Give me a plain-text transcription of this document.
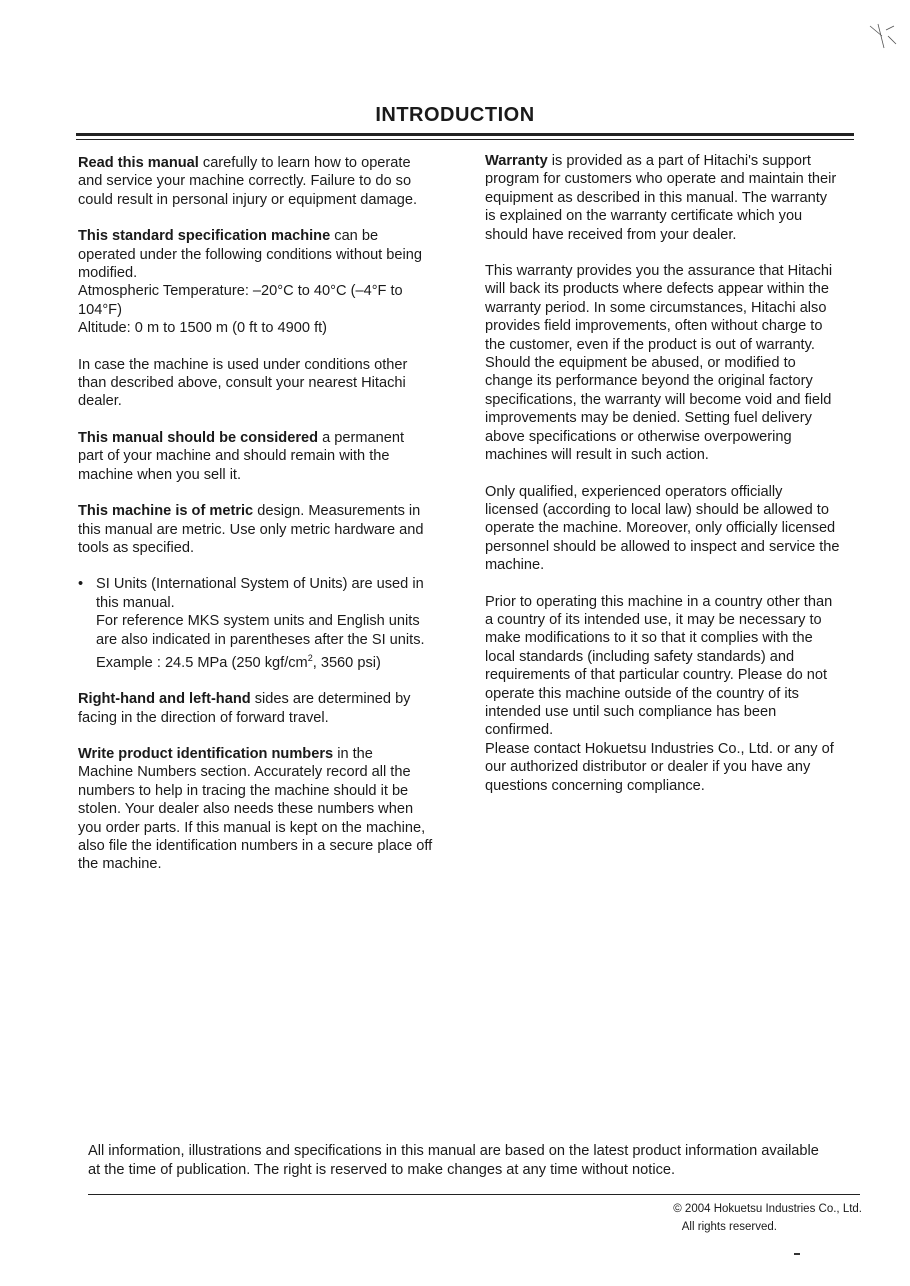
INTRODUCTION
Read this manual carefully to learn how to operate
and service your machine correctly. Failure to do so
could result in personal injury or equipment damage.
This standard specification machine can be
operated under the following conditions without being
modified.
Atmospheric Temperature: –20°C to 40°C (–4°F to
104°F)
Altitude: 0 m to 1500 m (0 ft to 4900 ft)
In case the machine is used under conditions other
than described above, consult your nearest Hitachi
dealer.
This manual should be considered a permanent
part of your machine and should remain with the
machine when you sell it.
This machine is of metric design. Measurements in
this manual are metric. Use only metric hardware and
tools as specified.
• SI Units (International System of Units) are used in
this manual.
For reference MKS system units and English units
are also indicated in parentheses after the SI units.
Example : 24.5 MPa (250 kgf/$cm^2$, 3560 psi)
Right-hand and left-hand sides are determined by
facing in the direction of forward travel.
Write product identification numbers in the
Machine Numbers section. Accurately record all the
numbers to help in tracing the machine should it be
stolen. Your dealer also needs these numbers when
you order parts. If this manual is kept on the machine,
also file the identification numbers in a secure place off
the machine.
Warranty is provided as a part of Hitachi's support
program for customers who operate and maintain their
equipment as described in this manual. The warranty
is explained on the warranty certificate which you
should have received from your dealer.
This warranty provides you the assurance that Hitachi
will back its products where defects appear within the
warranty period. In some circumstances, Hitachi also
provides field improvements, often without charge to
the customer, even if the product is out of warranty.
Should the equipment be abused, or modified to
change its performance beyond the original factory
specifications, the warranty will become void and field
improvements may be denied. Setting fuel delivery
above specifications or otherwise overpowering
machines will result in such action.
Only qualified, experienced operators officially
licensed (according to local law) should be allowed to
operate the machine. Moreover, only officially licensed
personnel should be allowed to inspect and service the
machine.
Prior to operating this machine in a country other than
a country of its intended use, it may be necessary to
make modifications to it so that it complies with the
local standards (including safety standards) and
requirements of that particular country. Please do not
operate this machine outside of the country of its
intended use until such compliance has been
confirmed.
Please contact Hokuetsu Industries Co., Ltd. or any of
our authorized distributor or dealer if you have any
questions concerning compliance.
All information, illustrations and specifications in this manual are based on the latest product information available
at the time of publication. The right is reserved to make changes at any time without notice.
© 2004 Hokuetsu Industries Co., Ltd.
All rights reserved.
